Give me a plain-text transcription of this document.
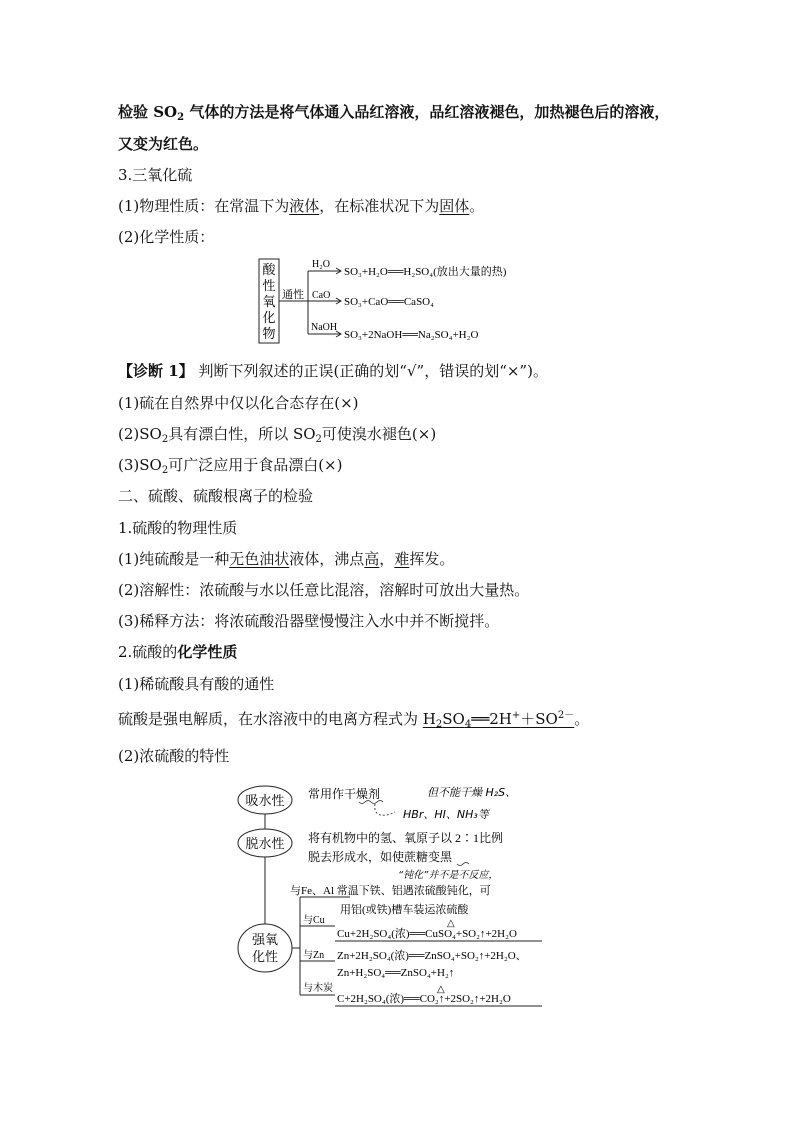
检验 $SO_2$ 气体的方法是将气体通入品红溶液，品红溶液褪色，加热褪色后的溶液，
又变为红色。
3.三氧化硫
(1)物理性质：在常温下为液体，在标准状况下为固体。
(2)化学性质：
酸
性
氧
化
物
通性
H₂O
CaO
NaOH
SO₃+H₂O══H₂SO₄(放出大量的热)
SO₃+CaO══CaSO₄
SO₃+2NaOH══Na₂SO₄+H₂O
【诊断 1】 判断下列叙述的正误(正确的划“√”，错误的划“×”)。
(1)硫在自然界中仅以化合态存在(×)
$(2)SO_2$具有漂白性，所以 $SO_2$可使溴水褪色(×)
$(3)SO_2$可广泛应用于食品漂白(×)
二、硫酸、硫酸根离子的检验
1.硫酸的物理性质
(1)纯硫酸是一种无色油状液体，沸点高，难挥发。
(2)溶解性：浓硫酸与水以任意比混溶，溶解时可放出大量热。
(3)稀释方法：将浓硫酸沿器壁慢慢注入水中并不断搅拌。
2.硫酸的化学性质
(1)稀硫酸具有酸的通性
硫酸是强电解质，在水溶液中的电离方程式为 $H_2SO_4══2H^++SO^{2-}$。
(2)浓硫酸的特性
吸水性
脱水性
强氧
化性
常用作干燥剂	但不能干燥 H₂S、
HBr、HI、NH₃等
将有机物中的氢、氧原子以 2∶1比例
脱去形成水，如使蔗糖变黑
“钝化”并不是不反应，
与Fe、Al 常温下铁、铝遇浓硫酸钝化，可
用铝(或铁)槽车装运浓硫酸
与Cu
Cu+2H₂SO₄(浓)══CuSO₄+SO₂↑+2H₂O
△
与Zn Zn+2H₂SO₄(浓)══ZnSO₄+SO₂↑+2H₂O、
Zn+H₂SO₄══ZnSO₄+H₂↑
与木炭
C+2H₂SO₄(浓)══CO₂↑+2SO₂↑+2H₂O
△
